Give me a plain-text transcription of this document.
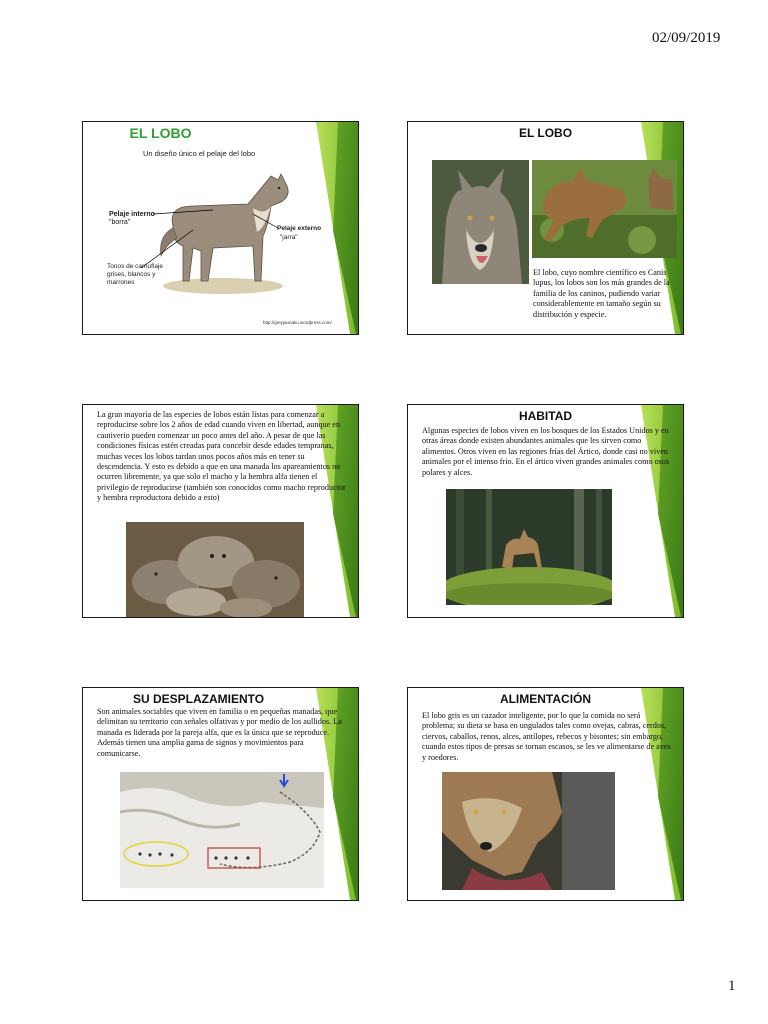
02/09/2019
EL LOBO
Un diseño único el pelaje del lobo
Pelaje interno
"borra"
Pelaje externo
"jarra"
Tonos de camuflaje grises, blancos y marrones
http://greyjaunaku.wordpress.com/
EL LOBO
El lobo, cuyo nombre científico es Canis lupus, los lobos son los más grandes de la familia de los caninos, pudiendo variar considerablemente en tamaño según su distribución y especie.
La gran mayoría de las especies de lobos están listas para comenzar a reproducirse sobre los 2 años de edad cuando viven en libertad, aunque en cautiverio pueden comenzar un poco antes del año. A pesar de que las condiciones físicas estén creadas para concebir desde edades tempranas, muchas veces los lobos tardan unos pocos años más en tener su descendencia. Y esto es debido a que en una manada los apareamientos no ocurren libremente, ya que solo el macho y la hembra alfa tienen el privilegio de reproducirse (también son conocidos como macho reproductor y hembra reproductora debido a esto)
HABITAD
Algunas especies de lobos viven en los bosques de los Estados Unidos y en otras áreas donde existen abundantes animales que les sirven como alimentos. Otros viven en las regiones frías del Ártico, donde casi no viven animales por el intenso frío. En el ártico viven grandes animales como osos polares y alces.
SU DESPLAZAMIENTO
Son animales sociables que viven en familia o en pequeñas manadas, que delimitan su territorio con señales olfativas y por medio de los aullidos. La manada es liderada por la pareja alfa, que es la única que se reproduce. Además tienen una amplia gama de signos y movimientos para comunicarse.
ALIMENTACIÓN
El lobo gris es un cazador inteligente, por lo que la comida no será problema; su dieta se basa en ungulados tales como ovejas, cabras, cerdos, ciervos, caballos, renos, alces, antílopes, rebecos y bisontes; sin embargo, cuando estos tipos de presas se tornan escasos, se les ve alimentarse de aves y roedores.
1
